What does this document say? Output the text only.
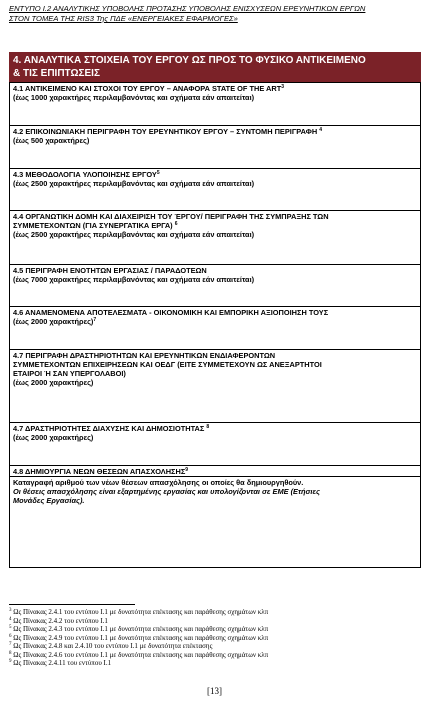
ΕΝΤΥΠΟ Ι.2 ΑΝΑΛΥΤΙΚΗΣ ΥΠΟΒΟΛΗΣ ΠΡΟΤΑΣΗΣ ΥΠΟΒΟΛΗΣ ΕΝΙΣΧΥΣΕΩΝ ΕΡΕΥΝΗΤΙΚΩΝ ΕΡΓΩΝ
ΣΤΟΝ ΤΟΜΕΑ ΤΗΣ RIS3 Της ΠΔΕ «ΕΝΕΡΓΕΙΑΚΕΣ ΕΦΑΡΜΟΓΕΣ»
4. ΑΝΑΛΥΤΙΚΑ ΣΤΟΙΧΕΙΑ ΤΟΥ ΕΡΓΟΥ ΩΣ ΠΡΟΣ ΤΟ ΦΥΣΙΚΟ ΑΝΤΙΚΕΙΜΕΝΟ
& ΤΙΣ ΕΠΙΠΤΩΣΕΙΣ
4.1 ΑΝΤΙΚΕΙΜΕΝΟ ΚΑΙ ΣΤΟΧΟΙ ΤΟΥ ΕΡΓΟΥ – ΑΝΑΦΟΡΑ STATE OF THE ART$^3$
(έως 1000 χαρακτήρες περιλαμβανόντας και σχήματα εάν απαιτείται)
4.2 ΕΠΙΚΟΙΝΩΝΙΑΚΗ ΠΕΡΙΓΡΑΦΗ ΤΟΥ ΕΡΕΥΝΗΤΙΚΟΥ ΕΡΓΟΥ – ΣΥΝΤΟΜΗ ΠΕΡΙΓΡΑΦΗ $^4$
(έως 500 χαρακτήρες)
4.3 ΜΕΘΟΔΟΛΟΓΙΑ ΥΛΟΠΟΙΗΣΗΣ ΕΡΓΟΥ$^5$
(έως 2500 χαρακτήρες περιλαμβανόντας και σχήματα εάν απαιτείται)
4.4 ΟΡΓΑΝΩΤΙΚΗ ΔΟΜΗ ΚΑΙ ΔΙΑΧΕΙΡΙΣΗ ΤΟΥ ΈΡΓΟΥ/ ΠΕΡΙΓΡΑΦΗ ΤΗΣ ΣΥΜΠΡΑΞΗΣ ΤΩΝ
ΣΥΜΜΕΤΕΧΟΝΤΩΝ (ΓΙΑ ΣΥΝΕΡΓΑΤΙΚΑ ΕΡΓΑ) $^6$
(έως 2500 χαρακτήρες περιλαμβανόντας και σχήματα εάν απαιτείται)
4.5 ΠΕΡΙΓΡΑΦΗ ΕΝΟΤΗΤΩΝ ΕΡΓΑΣΙΑΣ / ΠΑΡΑΔΟΤΕΩΝ
(έως 7000 χαρακτήρες περιλαμβανόντας και σχήματα εάν απαιτείται)
4.6 ΑΝΑΜΕΝΟΜΕΝΑ ΑΠΟΤΕΛΕΣΜΑΤΑ - ΟΙΚΟΝΟΜΙΚΗ ΚΑΙ ΕΜΠΟΡΙΚΗ ΑΞΙΟΠΟΙΗΣΗ ΤΟΥΣ
(έως 2000 χαρακτήρες)$^7$
4.7 ΠΕΡΙΓΡΑΦΗ ΔΡΑΣΤΗΡΙΟΤΗΤΩΝ ΚΑΙ ΕΡΕΥΝΗΤΙΚΩΝ ΕΝΔΙΑΦΕΡΟΝΤΩΝ
ΣΥΜΜΕΤΕΧΟΝΤΩΝ ΕΠΙΧΕΙΡΗΣΕΩΝ ΚΑΙ ΟΕΔΓ (ΕΙΤΕ ΣΥΜΜΕΤΕΧΟΥΝ ΩΣ ΑΝΕΞΑΡΤΗΤΟΙ
ΕΤΑΙΡΟΙ Ή ΣΑΝ ΥΠΕΡΓΟΛΑΒΟΙ)
(έως 2000 χαρακτήρες)
4.7 ΔΡΑΣΤΗΡΙΟΤΗΤΕΣ ΔΙΑΧΥΣΗΣ ΚΑΙ ΔΗΜΟΣΙΟΤΗΤΑΣ $^8$
(έως 2000 χαρακτήρες)
4.8 ΔΗΜΙΟΥΡΓΙΑ ΝΕΩΝ ΘΕΣΕΩΝ ΑΠΑΣΧΟΛΗΣΗΣ$^9$
Καταγραφή αριθμού των νέων θέσεων απασχόλησης οι οποίες θα δημιουργηθούν.
Οι θέσεις απασχόλησης είναι εξαρτημένης εργασίας και υπολογίζονται σε ΕΜΕ (Ετήσιες
Μονάδες Εργασίας).
$^3$ Ως Πίνακας 2.4.1 του εντύπου Ι.1 με δυνατότητα επέκτασης και παράθεσης σχημάτων κλπ
$^4$ Ως Πίνακας 2.4.2 του εντύπου Ι.1
$^5$ Ως Πίνακας 2.4.3 του εντύπου Ι.1 με δυνατότητα επέκτασης και παράθεσης σχημάτων κλπ
$^6$ Ως Πίνακας 2.4.9 του εντύπου Ι.1 με δυνατότητα επέκτασης και παράθεσης σχημάτων κλπ
$^7$ Ως Πίνακας 2.4.8 και 2.4.10 του εντύπου Ι.1 με δυνατότητα επέκτασης
$^8$ Ως Πίνακας 2.4.6 του εντύπου Ι.1 με δυνατότητα επέκτασης και παράθεσης σχημάτων κλπ
$^9$ Ως Πίνακας 2.4.11 του εντύπου Ι.1
[13]
